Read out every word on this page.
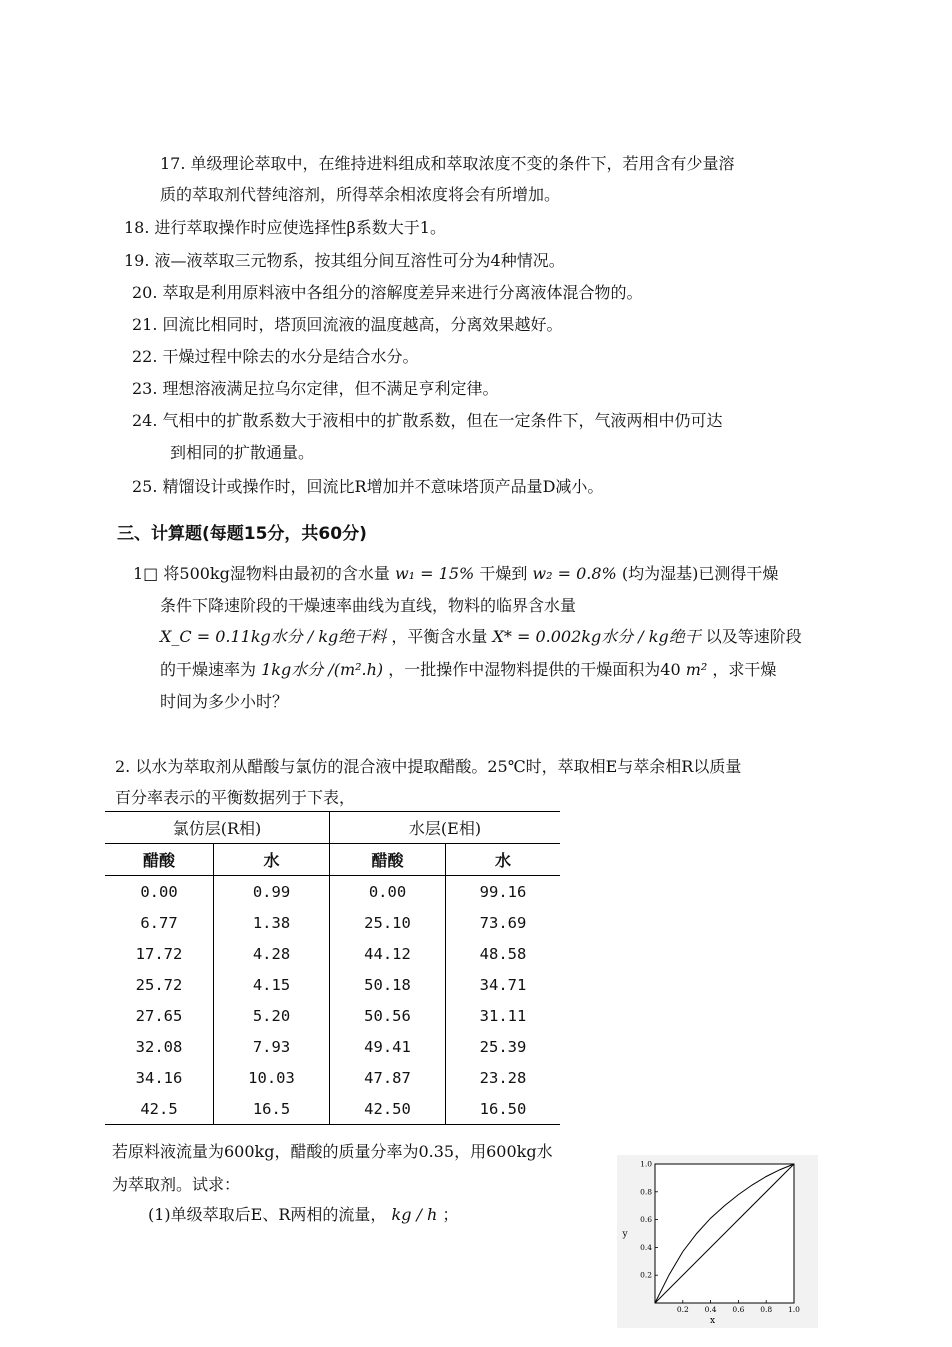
17. 单级理论萃取中，在维持进料组成和萃取浓度不变的条件下，若用含有少量溶
质的萃取剂代替纯溶剂，所得萃余相浓度将会有所增加。
18. 进行萃取操作时应使选择性β系数大于1。
19. 液—液萃取三元物系，按其组分间互溶性可分为4种情况。
20. 萃取是利用原料液中各组分的溶解度差异来进行分离液体混合物的。
21. 回流比相同时，塔顶回流液的温度越高，分离效果越好。
22. 干燥过程中除去的水分是结合水分。
23. 理想溶液满足拉乌尔定律，但不满足亨利定律。
24. 气相中的扩散系数大于液相中的扩散系数，但在一定条件下，气液两相中仍可达
到相同的扩散通量。
25. 精馏设计或操作时，回流比R增加并不意味塔顶产品量D减小。
三、计算题(每题15分，共60分)
1□ 将500kg湿物料由最初的含水量 w₁ = 15% 干燥到 w₂ = 0.8% (均为湿基)已测得干燥
条件下降速阶段的干燥速率曲线为直线，物料的临界含水量
X_C = 0.11kg水分 / kg绝干料 ，平衡含水量 X* = 0.002kg水分 / kg绝干 以及等速阶段
的干燥速率为 1kg水分 /(m².h) ，一批操作中湿物料提供的干燥面积为40 m² ，求干燥
时间为多少小时？
2. 以水为萃取剂从醋酸与氯仿的混合液中提取醋酸。25℃时，萃取相E与萃余相R以质量
百分率表示的平衡数据列于下表，
氯仿层(R相)		水层(E相)	
醋酸	水	醋酸	水
0.00	0.99	0.00	99.16
6.77	1.38	25.10	73.69
17.72	4.28	44.12	48.58
25.72	4.15	50.18	34.71
27.65	5.20	50.56	31.11
32.08	7.93	49.41	25.39
34.16	10.03	47.87	23.28
42.5	16.5	42.50	16.50
若原料液流量为600kg，醋酸的质量分率为0.35，用600kg水
为萃取剂。试求：
(1)单级萃取后E、R两相的流量， kg / h ；
0.2 0.4 0.6 0.8 1.0
0.2
0.4
0.6
0.8
1.0
x
y
